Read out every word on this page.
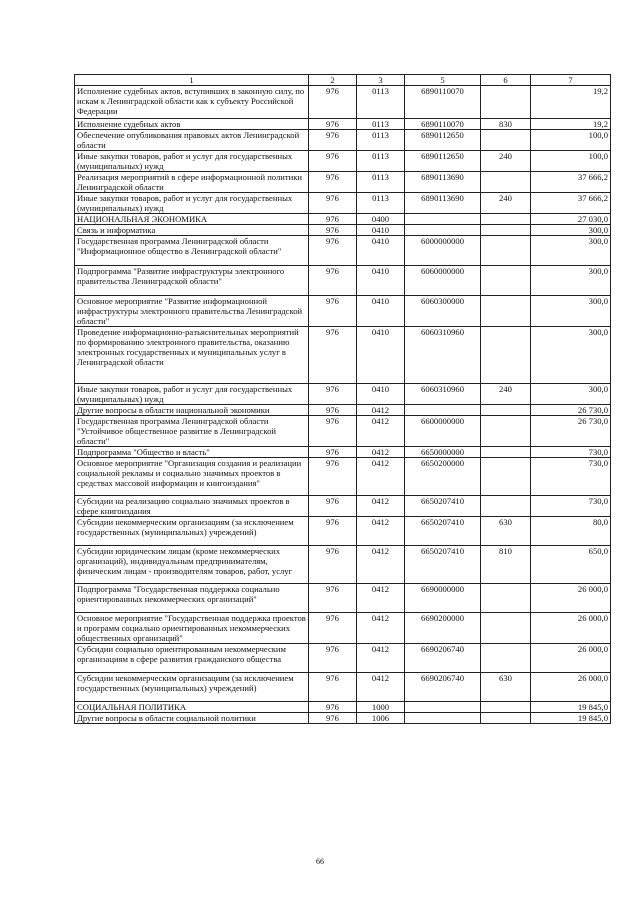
1	2	3	5	6	7
Исполнение судебных актов, вступивших в законную силу, по искам к Ленинградской области как к субъекту Российской Федерации	976	0113	6890110070		19,2
Исполнение судебных актов	976	0113	6890110070	830	19,2
Обеспечение опубликования правовых актов Ленинградской области	976	0113	6890112650		100,0
Иные закупки товаров, работ и услуг для государственных (муниципальных) нужд	976	0113	6890112650	240	100,0
Реализация мероприятий в сфере информационной политики Ленинградской области	976	0113	6890113690		37 666,2
Иные закупки товаров, работ и услуг для государственных (муниципальных) нужд	976	0113	6890113690	240	37 666,2
НАЦИОНАЛЬНАЯ ЭКОНОМИКА	976	0400			27 030,0
Связь и информатика	976	0410			300,0
Государственная программа Ленинградской области "Информационное общество в Ленинградской области"	976	0410	6000000000		300,0
Подпрограмма "Развитие инфраструктуры электронного правительства Ленинградской области"	976	0410	6060000000		300,0
Основное мероприятие "Развитие информационной инфраструктуры электронного правительства Ленинградской области"	976	0410	6060300000		300,0
Проведение информационно-разъяснительных мероприятий по формированию электронного правительства, оказанию электронных государственных и муниципальных услуг в Ленинградской области	976	0410	6060310960		300,0
Иные закупки товаров, работ и услуг для государственных (муниципальных) нужд	976	0410	6060310960	240	300,0
Другие вопросы в области национальной экономики	976	0412			26 730,0
Государственная программа Ленинградской области "Устойчивое общественное развитие в Ленинградской области"	976	0412	6600000000		26 730,0
Подпрограмма "Общество и власть"	976	0412	6650000000		730,0
Основное мероприятие "Организация создания и реализации социальной рекламы и социально значимых проектов в средствах массовой информации и книгоиздания"	976	0412	6650200000		730,0
Субсидии на реализацию социально значимых проектов в сфере книгоиздания	976	0412	6650207410		730,0
Субсидии некоммерческим организациям (за исключением государственных (муниципальных) учреждений)	976	0412	6650207410	630	80,0
Субсидии юридическим лицам (кроме некоммерческих организаций), индивидуальным предпринимателям, физическим лицам - производителям товаров, работ, услуг	976	0412	6650207410	810	650,0
Подпрограмма "Государственная поддержка социально ориентированных некоммерческих организаций"	976	0412	6690000000		26 000,0
Основное мероприятие "Государственная поддержка проектов и программ социально ориентированных некоммерческих общественных организаций"	976	0412	6690200000		26 000,0
Субсидии социально ориентированным некоммерческим организациям в сфере развития гражданского общества	976	0412	6690206740		26 000,0
Субсидии некоммерческим организациям (за исключением государственных (муниципальных) учреждений)	976	0412	6690206740	630	26 000,0
СОЦИАЛЬНАЯ ПОЛИТИКА	976	1000			19 845,0
Другие вопросы в области социальной политики	976	1006			19 845,0
66
